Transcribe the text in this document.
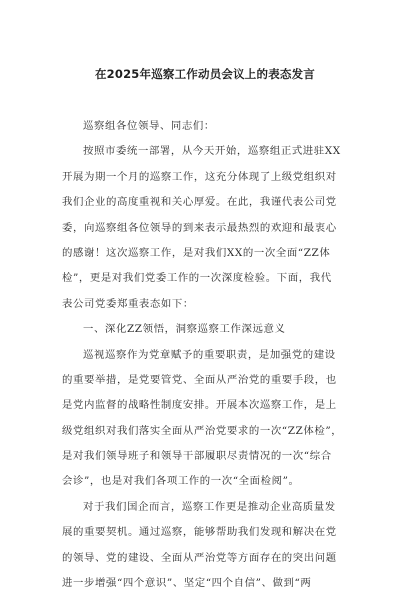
在2025年巡察工作动员会议上的表态发言
巡察组各位领导、同志们：
按照市委统一部署，从今天开始，巡察组正式进驻XX
开展为期一个月的巡察工作，这充分体现了上级党组织对
我们企业的高度重视和关心厚爱。在此，我谨代表公司党
委，向巡察组各位领导的到来表示最热烈的欢迎和最衷心
的感谢！这次巡察工作，是对我们XX的一次全面“ZZ体
检”，更是对我们党委工作的一次深度检验。下面，我代
表公司党委郑重表态如下：
一、深化ZZ领悟，洞察巡察工作深远意义
巡视巡察作为党章赋予的重要职责，是加强党的建设
的重要举措，是党要管党、全面从严治党的重要手段，也
是党内监督的战略性制度安排。开展本次巡察工作，是上
级党组织对我们落实全面从严治党要求的一次“ZZ体检”，
是对我们领导班子和领导干部履职尽责情况的一次“综合
会诊”，也是对我们各项工作的一次“全面检阅”。
对于我们国企而言，巡察工作更是推动企业高质量发
展的重要契机。通过巡察，能够帮助我们发现和解决在党
的领导、党的建设、全面从严治党等方面存在的突出问题
进一步增强“四个意识”、坚定“四个自信”、做到“两
